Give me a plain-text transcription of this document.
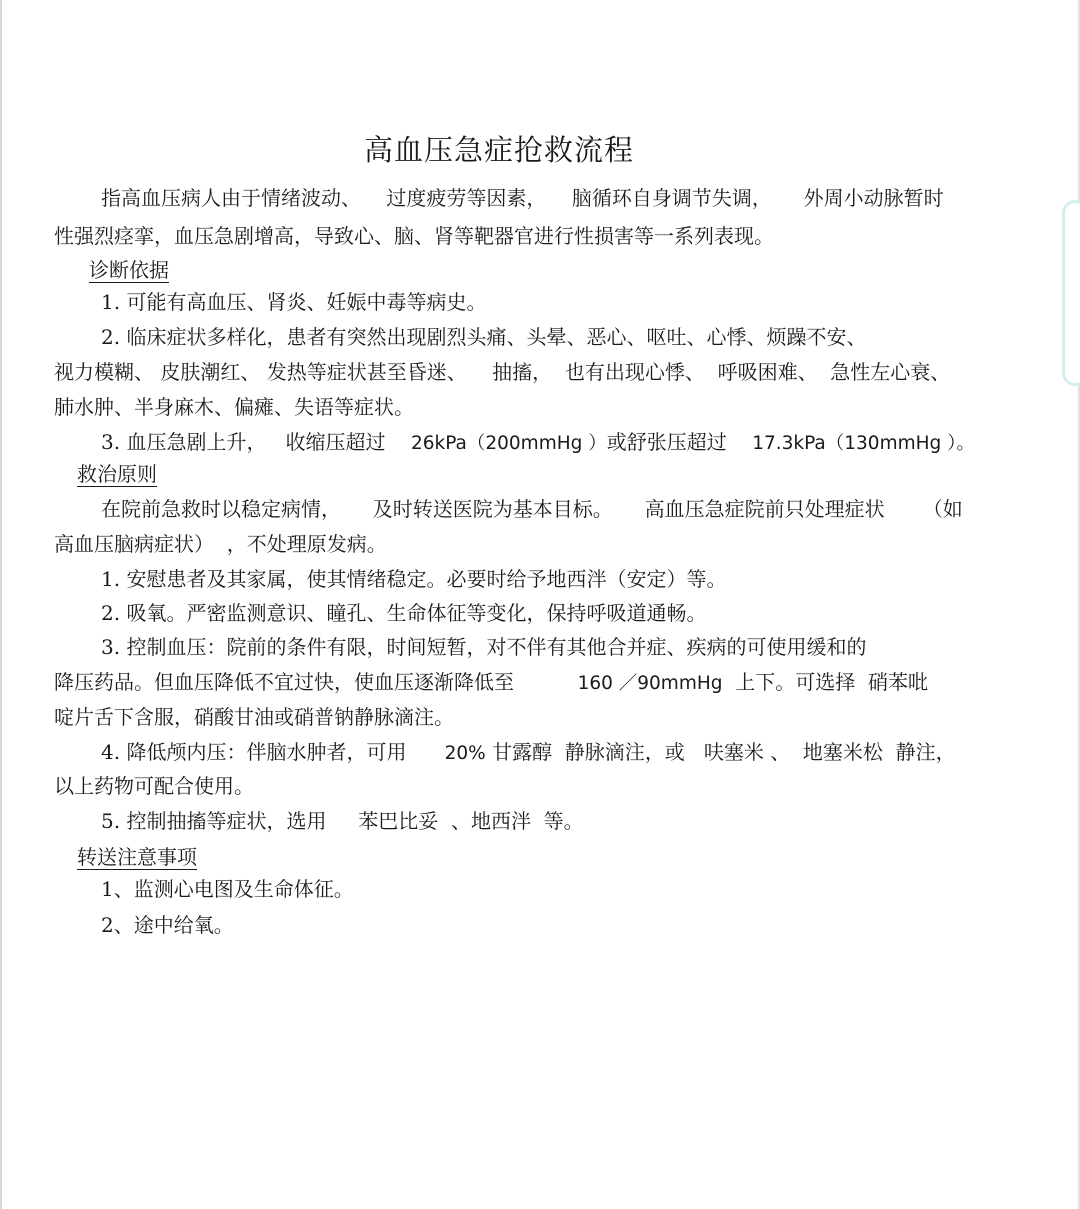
高血压急症抢救流程
指高血压病人由于情绪波动、    过度疲劳等因素，    脑循环自身调节失调，     外周小动脉暂时
性强烈痉挛，血压急剧增高，导致心、脑、肾等靶器官进行性损害等一系列表现。
诊断依据
1. 可能有高血压、肾炎、妊娠中毒等病史。
2. 临床症状多样化，患者有突然出现剧烈头痛、头晕、恶心、呕吐、心悸、烦躁不安、
视力模糊、 皮肤潮红、 发热等症状甚至昏迷、    抽搐，  也有出现心悸、  呼吸困难、  急性左心衰、
肺水肿、半身麻木、偏瘫、失语等症状。
3. 血压急剧上升，   收缩压超过    26kPa（200mmHg ）或舒张压超过    17.3kPa（130mmHg ）。
救治原则
在院前急救时以稳定病情，     及时转送医院为基本目标。     高血压急症院前只处理症状      （如
高血压脑病症状）  ，不处理原发病。
1. 安慰患者及其家属，使其情绪稳定。必要时给予地西泮（安定）等。
2. 吸氧。严密监测意识、瞳孔、生命体征等变化，保持呼吸道通畅。
3. 控制血压：院前的条件有限，时间短暂，对不伴有其他合并症、疾病的可使用缓和的
降压药品。但血压降低不宜过快，使血压逐渐降低至          160 ／90mmHg  上下。可选择  硝苯吡
啶片舌下含服，硝酸甘油或硝普钠静脉滴注。
4. 降低颅内压：伴脑水肿者，可用      20% 甘露醇  静脉滴注，或   呋塞米 、  地塞米松  静注，
以上药物可配合使用。
5. 控制抽搐等症状，选用     苯巴比妥  、地西泮  等。
转送注意事项
1、监测心电图及生命体征。
2、途中给氧。
